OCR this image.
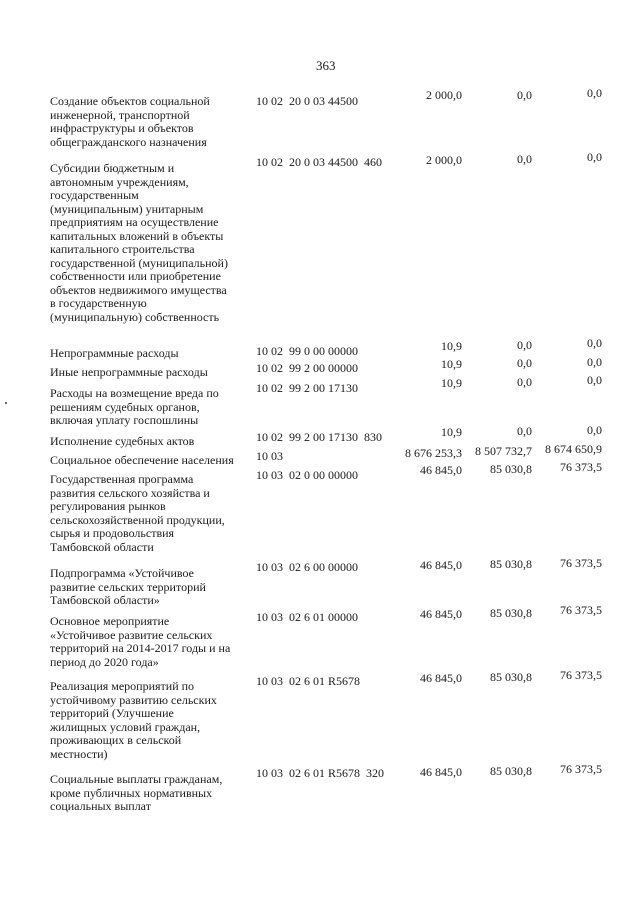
363
Создание объектов социальной
инженерной, транспортной
инфраструктуры и объектов
общегражданского назначения
10 02  20 0 03 44500	2 000,0	0,0	0,0
Субсидии бюджетным и
автономным учреждениям,
государственным
(муниципальным) унитарным
предприятиям на осуществление
капитальных вложений в объекты
капитального строительства
государственной (муниципальной)
собственности или приобретение
объектов недвижимого имущества
в государственную
(муниципальную) собственность
10 02  20 0 03 44500  460	2 000,0	0,0	0,0
Непрограммные расходы	10 02  99 0 00 00000	10,9	0,0	0,0
Иные непрограммные расходы	10 02  99 2 00 00000	10,9	0,0	0,0
Расходы на возмещение вреда по
решениям судебных органов,
включая уплату госпошлины
10 02  99 2 00 17130	10,9	0,0	0,0
Исполнение судебных актов	10 02  99 2 00 17130  830	10,9	0,0	0,0
Социальное обеспечение населения	10 03	8 676 253,3	8 507 732,7	8 674 650,9
Государственная программа
развития сельского хозяйства и
регулирования рынков
сельскохозяйственной продукции,
сырья и продовольствия
Тамбовской области
10 03  02 0 00 00000	46 845,0	85 030,8	76 373,5
Подпрограмма «Устойчивое
развитие сельских территорий
Тамбовской области»
10 03  02 6 00 00000	46 845,0	85 030,8	76 373,5
Основное мероприятие
«Устойчивое развитие сельских
территорий на 2014-2017 годы и на
период до 2020 года»
10 03  02 6 01 00000	46 845,0	85 030,8	76 373,5
Реализация мероприятий по
устойчивому развитию сельских
территорий (Улучшение
жилищных условий граждан,
проживающих в сельской
местности)
10 03  02 6 01 R5678	46 845,0	85 030,8	76 373,5
Социальные выплаты гражданам,
кроме публичных нормативных
социальных выплат
10 03  02 6 01 R5678  320	46 845,0	85 030,8	76 373,5
